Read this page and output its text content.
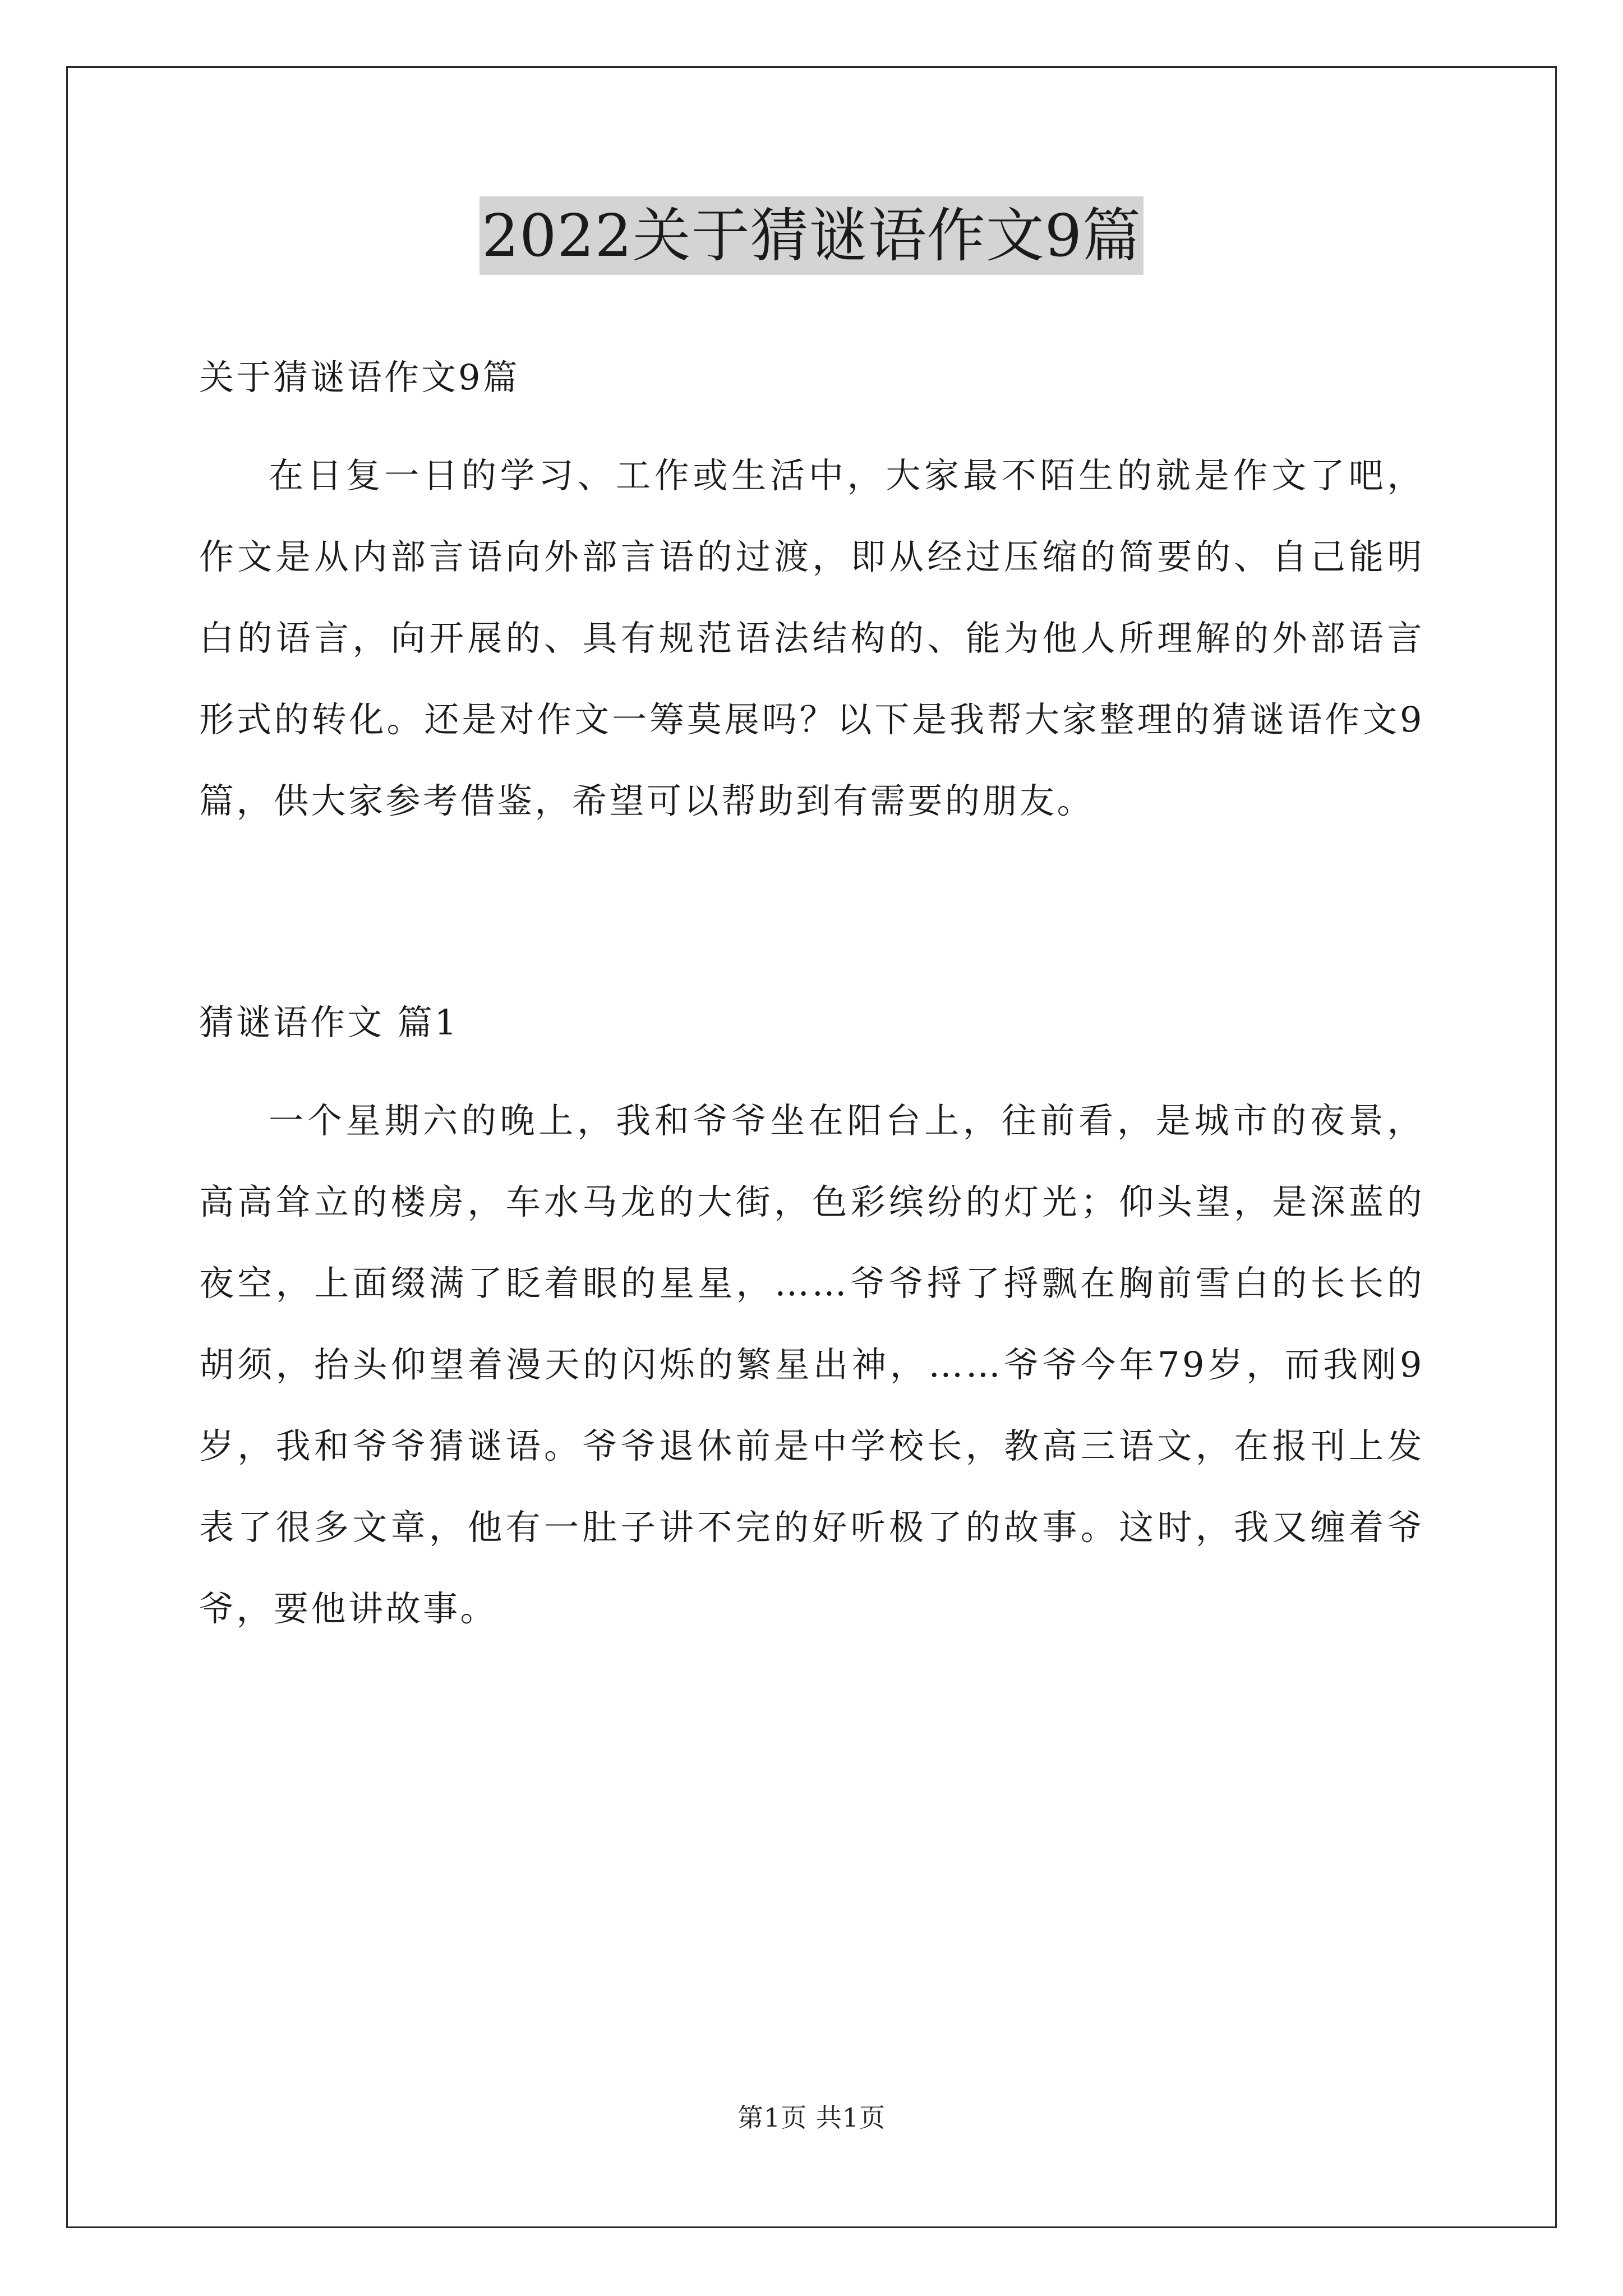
2022关于猜谜语作文9篇

关于猜谜语作文9篇

在日复一日的学习、工作或生活中，大家最不陌生的就是作文了吧，作文是从内部言语向外部言语的过渡，即从经过压缩的简要的、自己能明白的语言，向开展的、具有规范语法结构的、能为他人所理解的外部语言形式的转化。还是对作文一筹莫展吗？以下是我帮大家整理的猜谜语作文9篇，供大家参考借鉴，希望可以帮助到有需要的朋友。

猜谜语作文 篇1

一个星期六的晚上，我和爷爷坐在阳台上，往前看，是城市的夜景，高高耸立的楼房，车水马龙的大街，色彩缤纷的灯光；仰头望，是深蓝的夜空，上面缀满了眨着眼的星星，……爷爷捋了捋飘在胸前雪白的长长的胡须，抬头仰望着漫天的闪烁的繁星出神，……爷爷今年79岁，而我刚9岁，我和爷爷猜谜语。爷爷退休前是中学校长，教高三语文，在报刊上发表了很多文章，他有一肚子讲不完的好听极了的故事。这时，我又缠着爷爷，要他讲故事。

第1页 共1页
